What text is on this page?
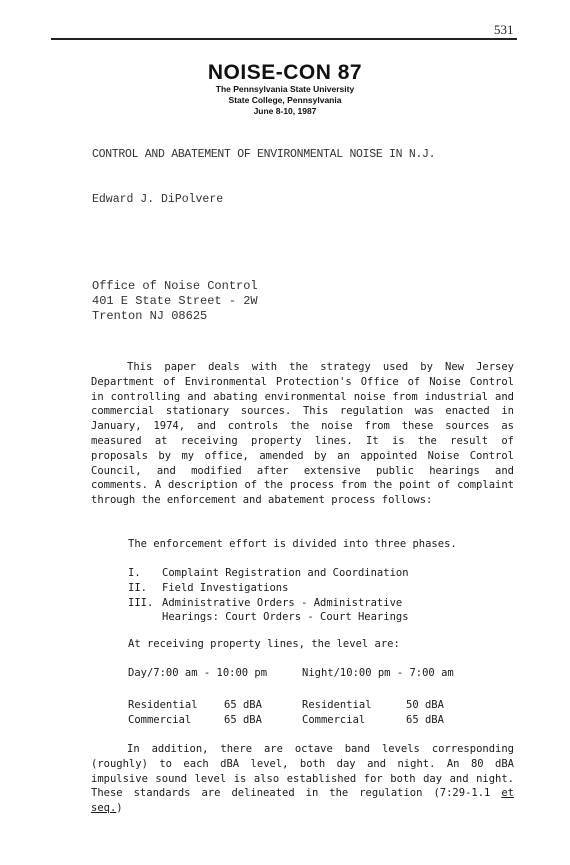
531
NOISE-CON 87
The Pennsylvania State University
State College, Pennsylvania
June 8-10, 1987
CONTROL AND ABATEMENT OF ENVIRONMENTAL NOISE IN N.J.
Edward J. DiPolvere
Office of Noise Control
401 E State Street - 2W
Trenton NJ 08625
This paper deals with the strategy used by New Jersey Department of Environmental Protection's Office of Noise Control in controlling and abating environmental noise from industrial and commercial stationary sources. This regulation was enacted in January, 1974, and controls the noise from these sources as measured at receiving property lines. It is the result of proposals by my office, amended by an appointed Noise Control Council, and modified after extensive public hearings and comments. A description of the process from the point of complaint through the enforcement and abatement process follows:
The enforcement effort is divided into three phases.
I.	Complaint Registration and Coordination
II.	Field Investigations
III. Administrative Orders - Administrative
Hearings: Court Orders - Court Hearings
At receiving property lines, the level are:
Day/7:00 am - 10:00 pm	Night/10:00 pm - 7:00 am
Residential	65 dBA	Residential	50 dBA
Commercial	65 dBA	Commercial	65 dBA
In addition, there are octave band levels corresponding (roughly) to each dBA level, both day and night. An 80 dBA impulsive sound level is also established for both day and night. These standards are delineated in the regulation (7:29-1.1 et seq.)
